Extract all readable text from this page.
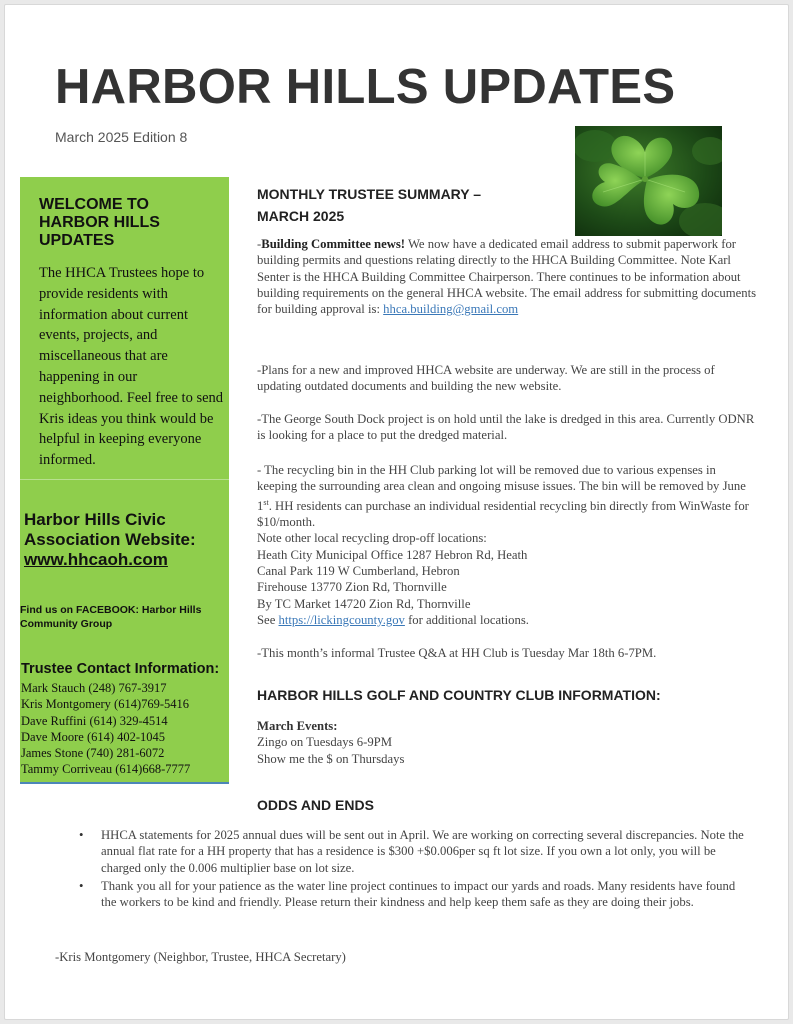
HARBOR HILLS UPDATES
March 2025 Edition 8
WELCOME TO
HARBOR HILLS
UPDATES

The HHCA Trustees hope to provide residents with information about current events, projects, and miscellaneous that are happening in our neighborhood. Feel free to send Kris ideas you think would be helpful in keeping everyone informed.

Harbor Hills Civic
Association Website:
www.hhcaoh.com

Find us on FACEBOOK: Harbor Hills
Community Group

Trustee Contact Information:
Mark Stauch (248) 767-3917
Kris Montgomery (614)769-5416
Dave Ruffini (614) 329-4514
Dave Moore (614) 402-1045
James Stone (740) 281-6072
Tammy Corriveau (614)668-7777
MONTHLY TRUSTEE SUMMARY –
MARCH 2025

-Building Committee news! We now have a dedicated email address to submit paperwork for building permits and questions relating directly to the HHCA Building Committee. Note Karl Senter is the HHCA Building Committee Chairperson. There continues to be information about building requirements on the general HHCA website. The email address for submitting documents for building approval is: hhca.building@gmail.com

-Plans for a new and improved HHCA website are underway. We are still in the process of updating outdated documents and building the new website.

-The George South Dock project is on hold until the lake is dredged in this area. Currently ODNR is looking for a place to put the dredged material.

- The recycling bin in the HH Club parking lot will be removed due to various expenses in keeping the surrounding area clean and ongoing misuse issues. The bin will be removed by June 1st. HH residents can purchase an individual residential recycling bin directly from WinWaste for $10/month.

Note other local recycling drop-off locations:
Heath City Municipal Office 1287 Hebron Rd, Heath
Canal Park 119 W Cumberland, Hebron
Firehouse 13770 Zion Rd, Thornville
By TC Market 14720 Zion Rd, Thornville

See https://lickingcounty.gov for additional locations.

-This month’s informal Trustee Q&A at HH Club is Tuesday Mar 18th 6-7PM.

HARBOR HILLS GOLF AND COUNTRY CLUB INFORMATION:
March Events:
Zingo on Tuesdays 6-9PM
Show me the $ on Thursdays
ODDS AND ENDS
• HHCA statements for 2025 annual dues will be sent out in April. We are working on correcting several discrepancies. Note the annual flat rate for a HH property that has a residence is $300 +$0.006per sq ft lot size. If you own a lot only, you will be charged only the 0.006 multiplier base on lot size.
• Thank you all for your patience as the water line project continues to impact our yards and roads. Many residents have found the workers to be kind and friendly. Please return their kindness and help keep them safe as they are doing their jobs.

-Kris Montgomery (Neighbor, Trustee, HHCA Secretary)
